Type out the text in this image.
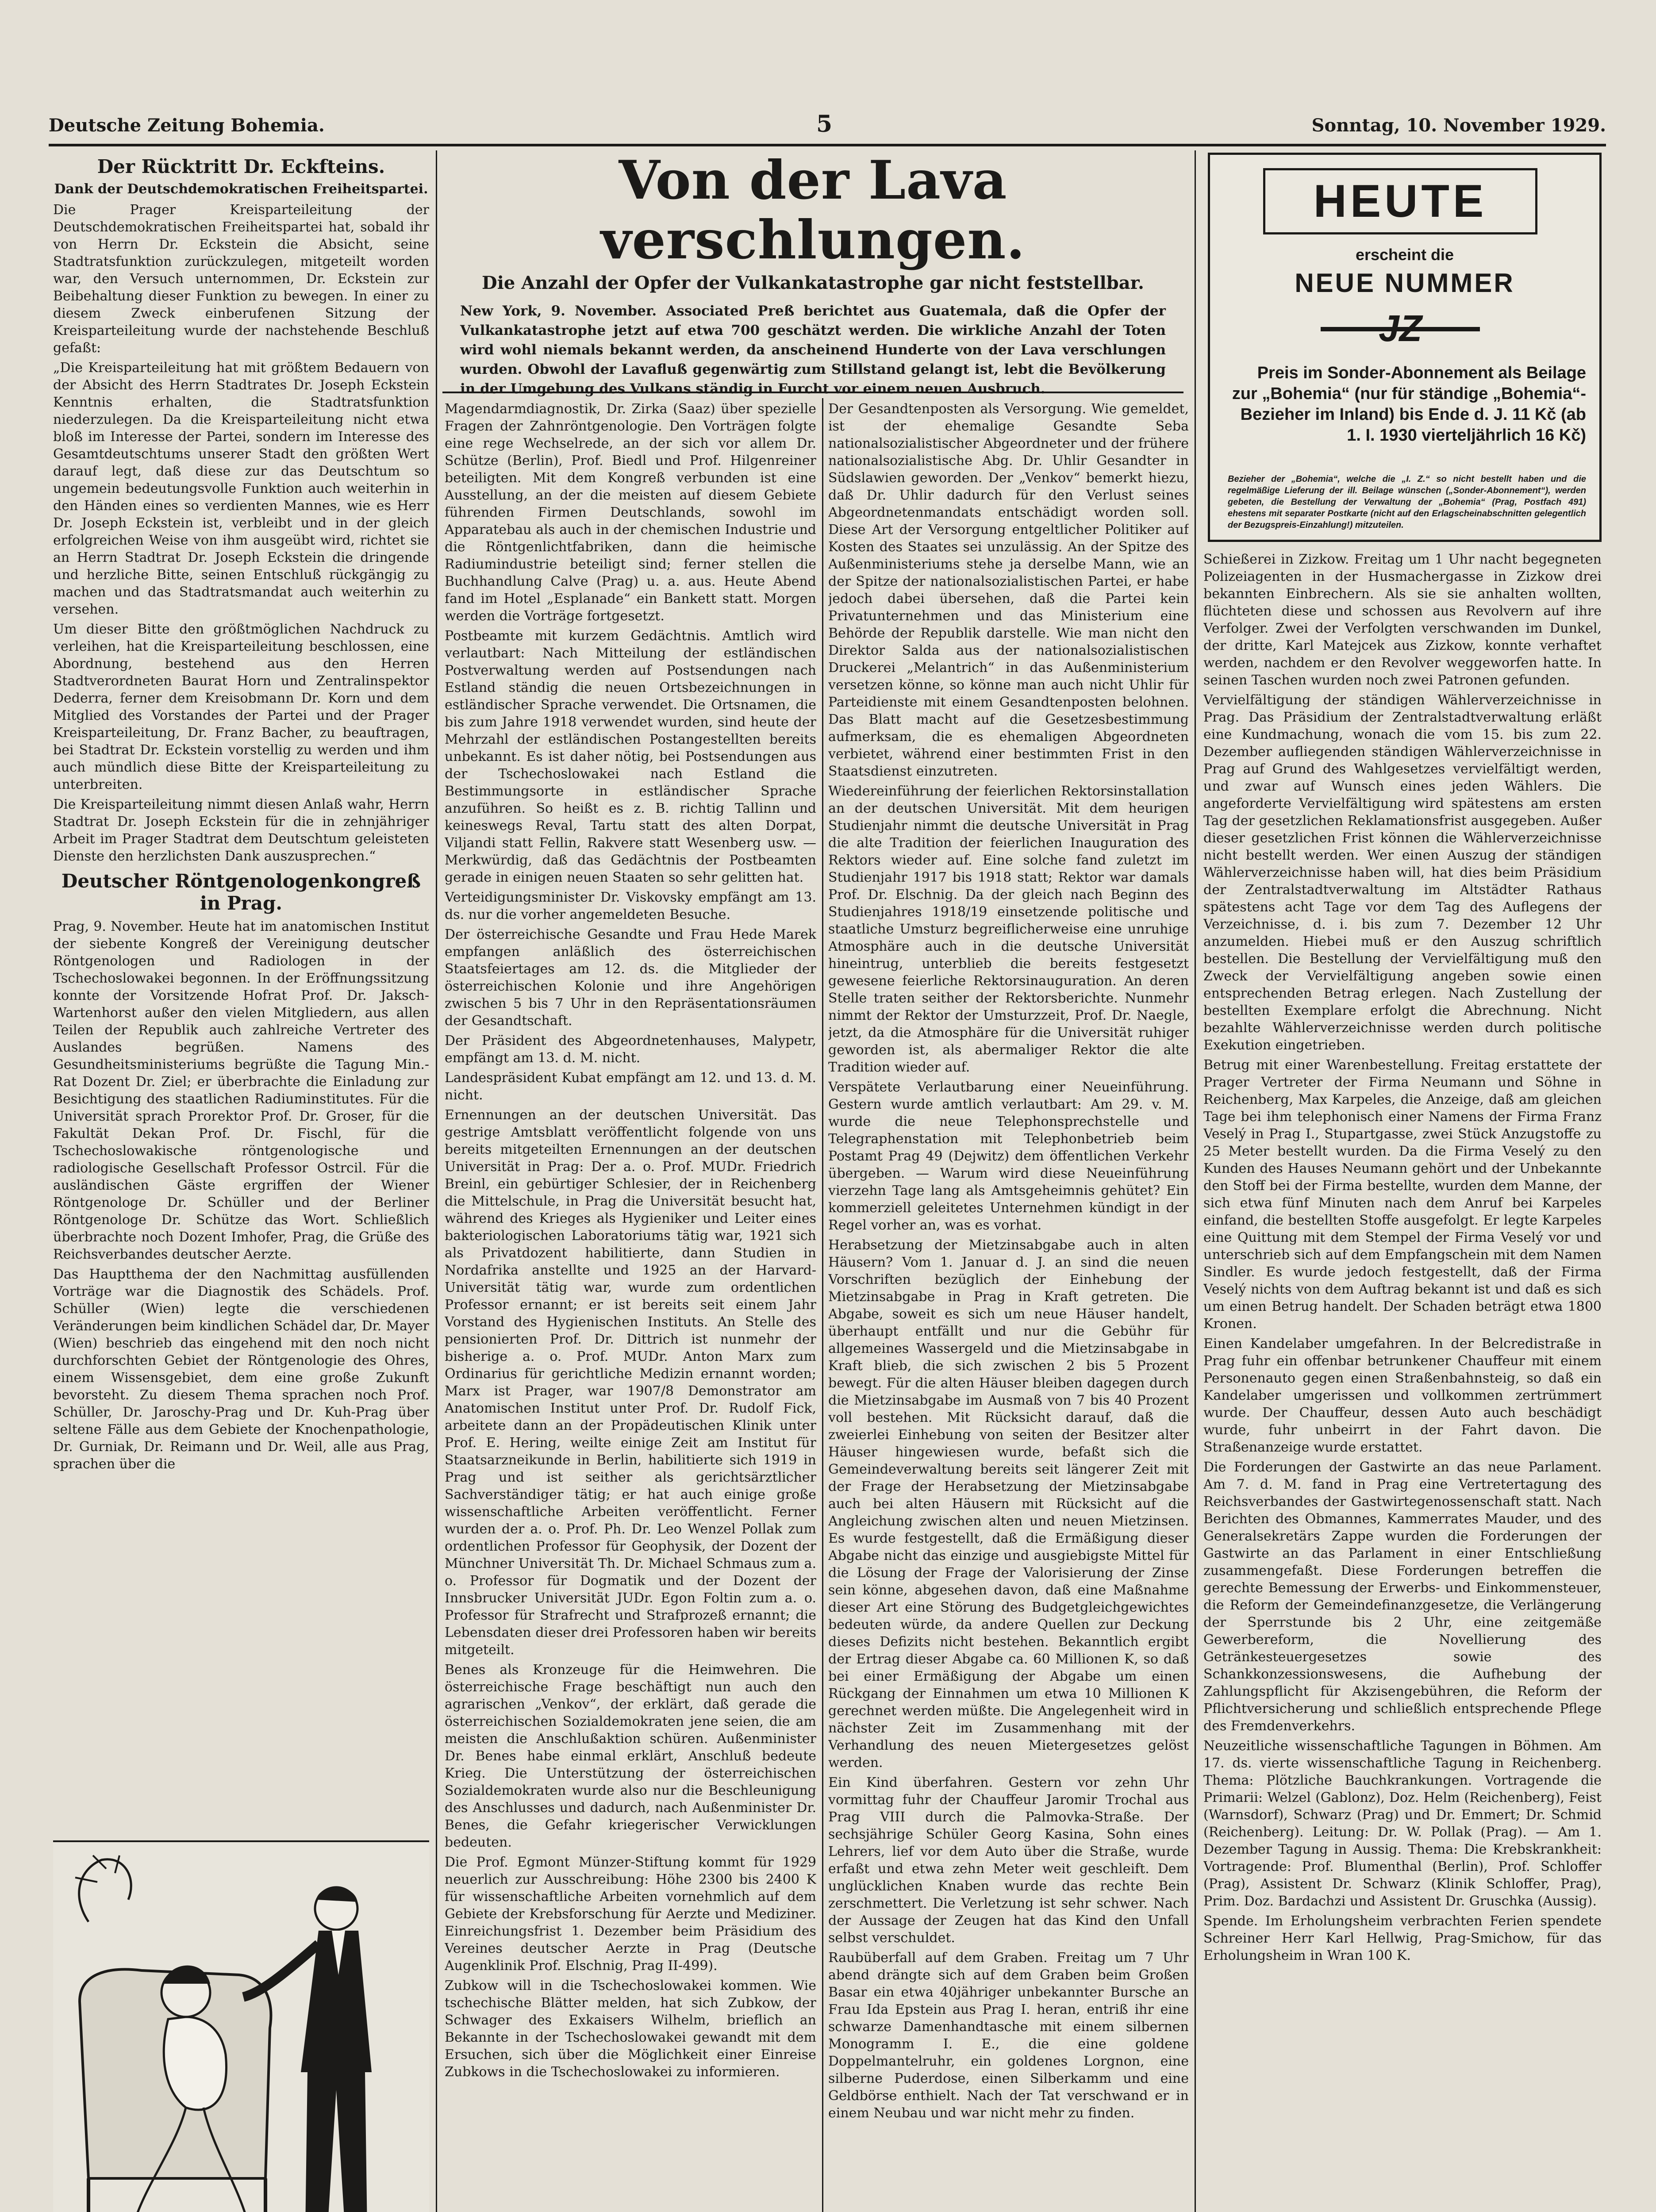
Deutsche Zeitung Bohemia.	5	Sonntag, 10. November 1929.
Der Rücktritt Dr. Eckfteins.
Dank der Deutschdemokratischen Freiheitspartei.

Die Prager Kreisparteileitung der Deutschdemokratischen Freiheitspartei hat, sobald ihr von Herrn Dr. Eckstein die Absicht, seine Stadtratsfunktion zurückzulegen, mitgeteilt worden war, den Versuch unternommen, Dr. Eckstein zur Beibehaltung dieser Funktion zu bewegen. In einer zu diesem Zweck einberufenen Sitzung der Kreisparteileitung wurde der nachstehende Beschluß gefaßt:

„Die Kreisparteileitung hat mit größtem Bedauern von der Absicht des Herrn Stadtrates Dr. Joseph Eckstein Kenntnis erhalten, die Stadtratsfunktion niederzulegen. Da die Kreisparteileitung nicht etwa bloß im Interesse der Partei, sondern im Interesse des Gesamtdeutschtums unserer Stadt den größten Wert darauf legt, daß diese zur das Deutschtum so ungemein bedeutungsvolle Funktion auch weiterhin in den Händen eines so verdienten Mannes, wie es Herr Dr. Joseph Eckstein ist, verbleibt und in der gleich erfolgreichen Weise von ihm ausgeübt wird, richtet sie an Herrn Stadtrat Dr. Joseph Eckstein die dringende und herzliche Bitte, seinen Entschluß rückgängig zu machen und das Stadtratsmandat auch weiterhin zu versehen.

Um dieser Bitte den größtmöglichen Nachdruck zu verleihen, hat die Kreisparteileitung beschlossen, eine Abordnung, bestehend aus den Herren Stadtverordneten Baurat Horn und Zentralinspektor Dederra, ferner dem Kreisobmann Dr. Korn und dem Mitglied des Vorstandes der Partei und der Prager Kreisparteileitung, Dr. Franz Bacher, zu beauftragen, bei Stadtrat Dr. Eckstein vorstellig zu werden und ihm auch mündlich diese Bitte der Kreisparteileitung zu unterbreiten.

Die Kreisparteileitung nimmt diesen Anlaß wahr, Herrn Stadtrat Dr. Joseph Eckstein für die in zehnjähriger Arbeit im Prager Stadtrat dem Deutschtum geleisteten Dienste den herzlichsten Dank auszusprechen.“

Deutscher Röntgenologenkongreß in Prag.

Prag, 9. November. Heute hat im anatomischen Institut der siebente Kongreß der Vereinigung deutscher Röntgenologen und Radiologen in der Tschechoslowakei begonnen. In der Eröffnungssitzung konnte der Vorsitzende Hofrat Prof. Dr. Jaksch-Wartenhorst außer den vielen Mitgliedern, aus allen Teilen der Republik auch zahlreiche Vertreter des Auslandes begrüßen. Namens des Gesundheitsministeriums begrüßte die Tagung Min.-Rat Dozent Dr. Ziel; er überbrachte die Einladung zur Besichtigung des staatlichen Radiuminstitutes. Für die Universität sprach Prorektor Prof. Dr. Groser, für die Fakultät Dekan Prof. Dr. Fischl, für die Tschechoslowakische röntgenologische und radiologische Gesellschaft Professor Ostrcil. Für die ausländischen Gäste ergriffen der Wiener Röntgenologe Dr. Schüller und der Berliner Röntgenologe Dr. Schütze das Wort. Schließlich überbrachte noch Dozent Imhofer, Prag, die Grüße des Reichsverbandes deutscher Aerzte.

Das Hauptthema der den Nachmittag ausfüllenden Vorträge war die Diagnostik des Schädels. Prof. Schüller (Wien) legte die verschiedenen Veränderungen beim kindlichen Schädel dar, Dr. Mayer (Wien) beschrieb das eingehend mit den noch nicht durchforschten Gebiet der Röntgenologie des Ohres, einem Wissensgebiet, dem eine große Zukunft bevorsteht. Zu diesem Thema sprachen noch Prof. Schüller, Dr. Jaroschy-Prag und Dr. Kuh-Prag über seltene Fälle aus dem Gebiete der Knochenpathologie, Dr. Gurniak, Dr. Reimann und Dr. Weil, alle aus Prag, sprachen über die

Von der Lava verschlungen.
Die Anzahl der Opfer der Vulkankatastrophe gar nicht feststellbar.

New York, 9. November. Associated Preß berichtet aus Guatemala, daß die Opfer der Vulkankatastrophe jetzt auf etwa 700 geschätzt werden. Die wirkliche Anzahl der Toten wird wohl niemals bekannt werden, da anscheinend Hunderte von der Lava verschlungen wurden. Obwohl der Lavafluß gegenwärtig zum Stillstand gelangt ist, lebt die Bevölkerung in der Umgebung des Vulkans ständig in Furcht vor einem neuen Ausbruch.

Magendarmdiagnostik, Dr. Zirka (Saaz) über spezielle Fragen der Zahnröntgenologie. Den Vorträgen folgte eine rege Wechselrede, an der sich vor allem Dr. Schütze (Berlin), Prof. Biedl und Prof. Hilgenreiner beteiligten. Mit dem Kongreß verbunden ist eine Ausstellung, an der die meisten auf diesem Gebiete führenden Firmen Deutschlands, sowohl im Apparatebau als auch in der chemischen Industrie und die Röntgenlichtfabriken, dann die heimische Radiumindustrie beteiligt sind; ferner stellen die Buchhandlung Calve (Prag) u. a. aus. Heute Abend fand im Hotel „Esplanade“ ein Bankett statt. Morgen werden die Vorträge fortgesetzt.

Postbeamte mit kurzem Gedächtnis. Amtlich wird verlautbart: Nach Mitteilung der estländischen Postverwaltung werden auf Postsendungen nach Estland ständig die neuen Ortsbezeichnungen in estländischer Sprache verwendet. Die Ortsnamen, die bis zum Jahre 1918 verwendet wurden, sind heute der Mehrzahl der estländischen Postangestellten bereits unbekannt. Es ist daher nötig, bei Postsendungen aus der Tschechoslowakei nach Estland die Bestimmungsorte in estländischer Sprache anzuführen. So heißt es z. B. richtig Tallinn und keineswegs Reval, Tartu statt des alten Dorpat, Viljandi statt Fellin, Rakvere statt Wesenberg usw. — Merkwürdig, daß das Gedächtnis der Postbeamten gerade in einigen neuen Staaten so sehr gelitten hat.

Verteidigungsminister Dr. Viskovsky empfängt am 13. ds. nur die vorher angemeldeten Besuche.

Der österreichische Gesandte und Frau Hede Marek empfangen anläßlich des österreichischen Staatsfeiertages am 12. ds. die Mitglieder der österreichischen Kolonie und ihre Angehörigen zwischen 5 bis 7 Uhr in den Repräsentationsräumen der Gesandtschaft.

Der Präsident des Abgeordnetenhauses, Malypetr, empfängt am 13. d. M. nicht.

Landespräsident Kubat empfängt am 12. und 13. d. M. nicht.

Ernennungen an der deutschen Universität. Das gestrige Amtsblatt veröffentlicht folgende von uns bereits mitgeteilten Ernennungen an der deutschen Universität in Prag: Der a. o. Prof. MUDr. Friedrich Breinl, ein gebürtiger Schlesier, der in Reichenberg die Mittelschule, in Prag die Universität besucht hat, während des Krieges als Hygieniker und Leiter eines bakteriologischen Laboratoriums tätig war, 1921 sich als Privatdozent habilitierte, dann Studien in Nordafrika anstellte und 1925 an der Harvard-Universität tätig war, wurde zum ordentlichen Professor ernannt; er ist bereits seit einem Jahr Vorstand des Hygienischen Instituts. An Stelle des pensionierten Prof. Dr. Dittrich ist nunmehr der bisherige a. o. Prof. MUDr. Anton Marx zum Ordinarius für gerichtliche Medizin ernannt worden; Marx ist Prager, war 1907/8 Demonstrator am Anatomischen Institut unter Prof. Dr. Rudolf Fick, arbeitete dann an der Propädeutischen Klinik unter Prof. E. Hering, weilte einige Zeit am Institut für Staatsarzneikunde in Berlin, habilitierte sich 1919 in Prag und ist seither als gerichtsärztlicher Sachverständiger tätig; er hat auch einige große wissenschaftliche Arbeiten veröffentlicht. Ferner wurden der a. o. Prof. Ph. Dr. Leo Wenzel Pollak zum ordentlichen Professor für Geophysik, der Dozent der Münchner Universität Th. Dr. Michael Schmaus zum a. o. Professor für Dogmatik und der Dozent der Innsbrucker Universität JUDr. Egon Foltin zum a. o. Professor für Strafrecht und Strafprozeß ernannt; die Lebensdaten dieser drei Professoren haben wir bereits mitgeteilt.

Benes als Kronzeuge für die Heimwehren. Die österreichische Frage beschäftigt nun auch den agrarischen „Venkov“, der erklärt, daß gerade die österreichischen Sozialdemokraten jene seien, die am meisten die Anschlußaktion schüren. Außenminister Dr. Benes habe einmal erklärt, Anschluß bedeute Krieg. Die Unterstützung der österreichischen Sozialdemokraten wurde also nur die Beschleunigung des Anschlusses und dadurch, nach Außenminister Dr. Benes, die Gefahr kriegerischer Verwicklungen bedeuten.

Die Prof. Egmont Münzer-Stiftung kommt für 1929 neuerlich zur Ausschreibung: Höhe 2300 bis 2400 K für wissenschaftliche Arbeiten vornehmlich auf dem Gebiete der Krebsforschung für Aerzte und Mediziner. Einreichungsfrist 1. Dezember beim Präsidium des Vereines deutscher Aerzte in Prag (Deutsche Augenklinik Prof. Elschnig, Prag II-499).

Zubkow will in die Tschechoslowakei kommen. Wie tschechische Blätter melden, hat sich Zubkow, der Schwager des Exkaisers Wilhelm, brieflich an Bekannte in der Tschechoslowakei gewandt mit dem Ersuchen, sich über die Möglichkeit einer Einreise Zubkows in die Tschechoslowakei zu informieren.

Der Gesandtenposten als Versorgung. Wie gemeldet, ist der ehemalige Gesandte Seba nationalsozialistischer Abgeordneter und der frühere nationalsozialistische Abg. Dr. Uhlir Gesandter in Südslawien geworden. Der „Venkov“ bemerkt hiezu, daß Dr. Uhlir dadurch für den Verlust seines Abgeordnetenmandats entschädigt worden soll. Diese Art der Versorgung entgeltlicher Politiker auf Kosten des Staates sei unzulässig. An der Spitze des Außenministeriums stehe ja derselbe Mann, wie an der Spitze der nationalsozialistischen Partei, er habe jedoch dabei übersehen, daß die Partei kein Privatunternehmen und das Ministerium eine Behörde der Republik darstelle. Wie man nicht den Direktor Salda aus der nationalsozialistischen Druckerei „Melantrich“ in das Außenministerium versetzen könne, so könne man auch nicht Uhlir für Parteidienste mit einem Gesandtenposten belohnen. Das Blatt macht auf die Gesetzesbestimmung aufmerksam, die es ehemaligen Abgeordneten verbietet, während einer bestimmten Frist in den Staatsdienst einzutreten.

Wiedereinführung der feierlichen Rektorsinstallation an der deutschen Universität. Mit dem heurigen Studienjahr nimmt die deutsche Universität in Prag die alte Tradition der feierlichen Inauguration des Rektors wieder auf. Eine solche fand zuletzt im Studienjahr 1917 bis 1918 statt; Rektor war damals Prof. Dr. Elschnig. Da der gleich nach Beginn des Studienjahres 1918/19 einsetzende politische und staatliche Umsturz begreiflicherweise eine unruhige Atmosphäre auch in die deutsche Universität hineintrug, unterblieb die bereits festgesetzt gewesene feierliche Rektorsinauguration. An deren Stelle traten seither der Rektorsberichte. Nunmehr nimmt der Rektor der Umsturzzeit, Prof. Dr. Naegle, jetzt, da die Atmosphäre für die Universität ruhiger geworden ist, als abermaliger Rektor die alte Tradition wieder auf.

Verspätete Verlautbarung einer Neueinführung. Gestern wurde amtlich verlautbart: Am 29. v. M. wurde die neue Telephonsprechstelle und Telegraphenstation mit Telephonbetrieb beim Postamt Prag 49 (Dejwitz) dem öffentlichen Verkehr übergeben. — Warum wird diese Neueinführung vierzehn Tage lang als Amtsgeheimnis gehütet? Ein kommerziell geleitetes Unternehmen kündigt in der Regel vorher an, was es vorhat.

Herabsetzung der Mietzinsabgabe auch in alten Häusern? Vom 1. Januar d. J. an sind die neuen Vorschriften bezüglich der Einhebung der Mietzinsabgabe in Prag in Kraft getreten. Die Abgabe, soweit es sich um neue Häuser handelt, überhaupt entfällt und nur die Gebühr für allgemeines Wassergeld und die Mietzinsabgabe in Kraft blieb, die sich zwischen 2 bis 5 Prozent bewegt. Für die alten Häuser bleiben dagegen durch die Mietzinsabgabe im Ausmaß von 7 bis 40 Prozent voll bestehen. Mit Rücksicht darauf, daß die zweierlei Einhebung von seiten der Besitzer alter Häuser hingewiesen wurde, befaßt sich die Gemeindeverwaltung bereits seit längerer Zeit mit der Frage der Herabsetzung der Mietzinsabgabe auch bei alten Häusern mit Rücksicht auf die Angleichung zwischen alten und neuen Mietzinsen. Es wurde festgestellt, daß die Ermäßigung dieser Abgabe nicht das einzige und ausgiebigste Mittel für die Lösung der Frage der Valorisierung der Zinse sein könne, abgesehen davon, daß eine Maßnahme dieser Art eine Störung des Budgetgleichgewichtes bedeuten würde, da andere Quellen zur Deckung dieses Defizits nicht bestehen. Bekanntlich ergibt der Ertrag dieser Abgabe ca. 60 Millionen K, so daß bei einer Ermäßigung der Abgabe um einen Rückgang der Einnahmen um etwa 10 Millionen K gerechnet werden müßte. Die Angelegenheit wird in nächster Zeit im Zusammenhang mit der Verhandlung des neuen Mietergesetzes gelöst werden.

Ein Kind überfahren. Gestern vor zehn Uhr vormittag fuhr der Chauffeur Jaromir Trochal aus Prag VIII durch die Palmovka-Straße. Der sechsjährige Schüler Georg Kasina, Sohn eines Lehrers, lief vor dem Auto über die Straße, wurde erfaßt und etwa zehn Meter weit geschleift. Dem unglücklichen Knaben wurde das rechte Bein zerschmettert. Die Verletzung ist sehr schwer. Nach der Aussage der Zeugen hat das Kind den Unfall selbst verschuldet.

Raubüberfall auf dem Graben. Freitag um 7 Uhr abend drängte sich auf dem Graben beim Großen Basar ein etwa 40jähriger unbekannter Bursche an Frau Ida Epstein aus Prag I. heran, entriß ihr eine schwarze Damenhandtasche mit einem silbernen Monogramm I. E., die eine goldene Doppelmantelruhr, ein goldenes Lorgnon, eine silberne Puderdose, einen Silberkamm und eine Geldbörse enthielt. Nach der Tat verschwand er in einem Neubau und war nicht mehr zu finden.

HEUTE
erscheint die
NEUE NUMMER
JZ
Preis im Sonder-Abonnement als Beilage zur „Bohemia“ (nur für ständige „Bohemia“-Bezieher im Inland) bis Ende d. J. 11 Kč (ab 1. I. 1930 vierteljährlich 16 Kč)
Bezieher der „Bohemia“, welche die „I. Z.“ so nicht bestellt haben und die regelmäßige Lieferung der ill. Beilage wünschen („Sonder-Abonnement“), werden gebeten, die Bestellung der Verwaltung der „Bohemia“ (Prag, Postfach 491) ehestens mit separater Postkarte (nicht auf den Erlagscheinabschnitten gelegentlich der Bezugspreis-Einzahlung!) mitzuteilen.

Schießerei in Zizkow. Freitag um 1 Uhr nacht begegneten Polizeiagenten in der Husmachergasse in Zizkow drei bekannten Einbrechern. Als sie sie anhalten wollten, flüchteten diese und schossen aus Revolvern auf ihre Verfolger. Zwei der Verfolgten verschwanden im Dunkel, der dritte, Karl Matejcek aus Zizkow, konnte verhaftet werden, nachdem er den Revolver weggeworfen hatte. In seinen Taschen wurden noch zwei Patronen gefunden.

Vervielfältigung der ständigen Wählerverzeichnisse in Prag. Das Präsidium der Zentralstadtverwaltung erläßt eine Kundmachung, wonach die vom 15. bis zum 22. Dezember aufliegenden ständigen Wählerverzeichnisse in Prag auf Grund des Wahlgesetzes vervielfältigt werden, und zwar auf Wunsch eines jeden Wählers. Die angeforderte Vervielfältigung wird spätestens am ersten Tag der gesetzlichen Reklamationsfrist ausgegeben. Außer dieser gesetzlichen Frist können die Wählerverzeichnisse nicht bestellt werden. Wer einen Auszug der ständigen Wählerverzeichnisse haben will, hat dies beim Präsidium der Zentralstadtverwaltung im Altstädter Rathaus spätestens acht Tage vor dem Tag des Auflegens der Verzeichnisse, d. i. bis zum 7. Dezember 12 Uhr anzumelden. Hiebei muß er den Auszug schriftlich bestellen. Die Bestellung der Vervielfältigung muß den Zweck der Vervielfältigung angeben sowie einen entsprechenden Betrag erlegen. Nach Zustellung der bestellten Exemplare erfolgt die Abrechnung. Nicht bezahlte Wählerverzeichnisse werden durch politische Exekution eingetrieben.

Betrug mit einer Warenbestellung. Freitag erstattete der Prager Vertreter der Firma Neumann und Söhne in Reichenberg, Max Karpeles, die Anzeige, daß am gleichen Tage bei ihm telephonisch einer Namens der Firma Franz Veselý in Prag I., Stupartgasse, zwei Stück Anzugstoffe zu 25 Meter bestellt wurden. Da die Firma Veselý zu den Kunden des Hauses Neumann gehört und der Unbekannte den Stoff bei der Firma bestellte, wurden dem Manne, der sich etwa fünf Minuten nach dem Anruf bei Karpeles einfand, die bestellten Stoffe ausgefolgt. Er legte Karpeles eine Quittung mit dem Stempel der Firma Veselý vor und unterschrieb sich auf dem Empfangschein mit dem Namen Sindler. Es wurde jedoch festgestellt, daß der Firma Veselý nichts von dem Auftrag bekannt ist und daß es sich um einen Betrug handelt. Der Schaden beträgt etwa 1800 Kronen.

Einen Kandelaber umgefahren. In der Belcredistraße in Prag fuhr ein offenbar betrunkener Chauffeur mit einem Personenauto gegen einen Straßenbahnsteig, so daß ein Kandelaber umgerissen und vollkommen zertrümmert wurde. Der Chauffeur, dessen Auto auch beschädigt wurde, fuhr unbeirrt in der Fahrt davon. Die Straßenanzeige wurde erstattet.

Die Forderungen der Gastwirte an das neue Parlament. Am 7. d. M. fand in Prag eine Vertretertagung des Reichsverbandes der Gastwirtegenossenschaft statt. Nach Berichten des Obmannes, Kammerrates Mauder, und des Generalsekretärs Zappe wurden die Forderungen der Gastwirte an das Parlament in einer Entschließung zusammengefaßt. Diese Forderungen betreffen die gerechte Bemessung der Erwerbs- und Einkommensteuer, die Reform der Gemeindefinanzgesetze, die Verlängerung der Sperrstunde bis 2 Uhr, eine zeitgemäße Gewerbereform, die Novellierung des Getränkesteuergesetzes sowie des Schankkonzessionswesens, die Aufhebung der Zahlungspflicht für Akzisengebühren, die Reform der Pflichtversicherung und schließlich entsprechende Pflege des Fremdenverkehrs.

Neuzeitliche wissenschaftliche Tagungen in Böhmen. Am 17. ds. vierte wissenschaftliche Tagung in Reichenberg. Thema: Plötzliche Bauchkrankungen. Vortragende die Primarii: Welzel (Gablonz), Doz. Helm (Reichenberg), Feist (Warnsdorf), Schwarz (Prag) und Dr. Emmert; Dr. Schmid (Reichenberg). Leitung: Dr. W. Pollak (Prag). — Am 1. Dezember Tagung in Aussig. Thema: Die Krebskrankheit: Vortragende: Prof. Blumenthal (Berlin), Prof. Schloffer (Prag), Assistent Dr. Schwarz (Klinik Schloffer, Prag), Prim. Doz. Bardachzi und Assistent Dr. Gruschka (Aussig).

Spende. Im Erholungsheim verbrachten Ferien spendete Schreiner Herr Karl Hellwig, Prag-Smichow, für das Erholungsheim in Wran 100 K.
